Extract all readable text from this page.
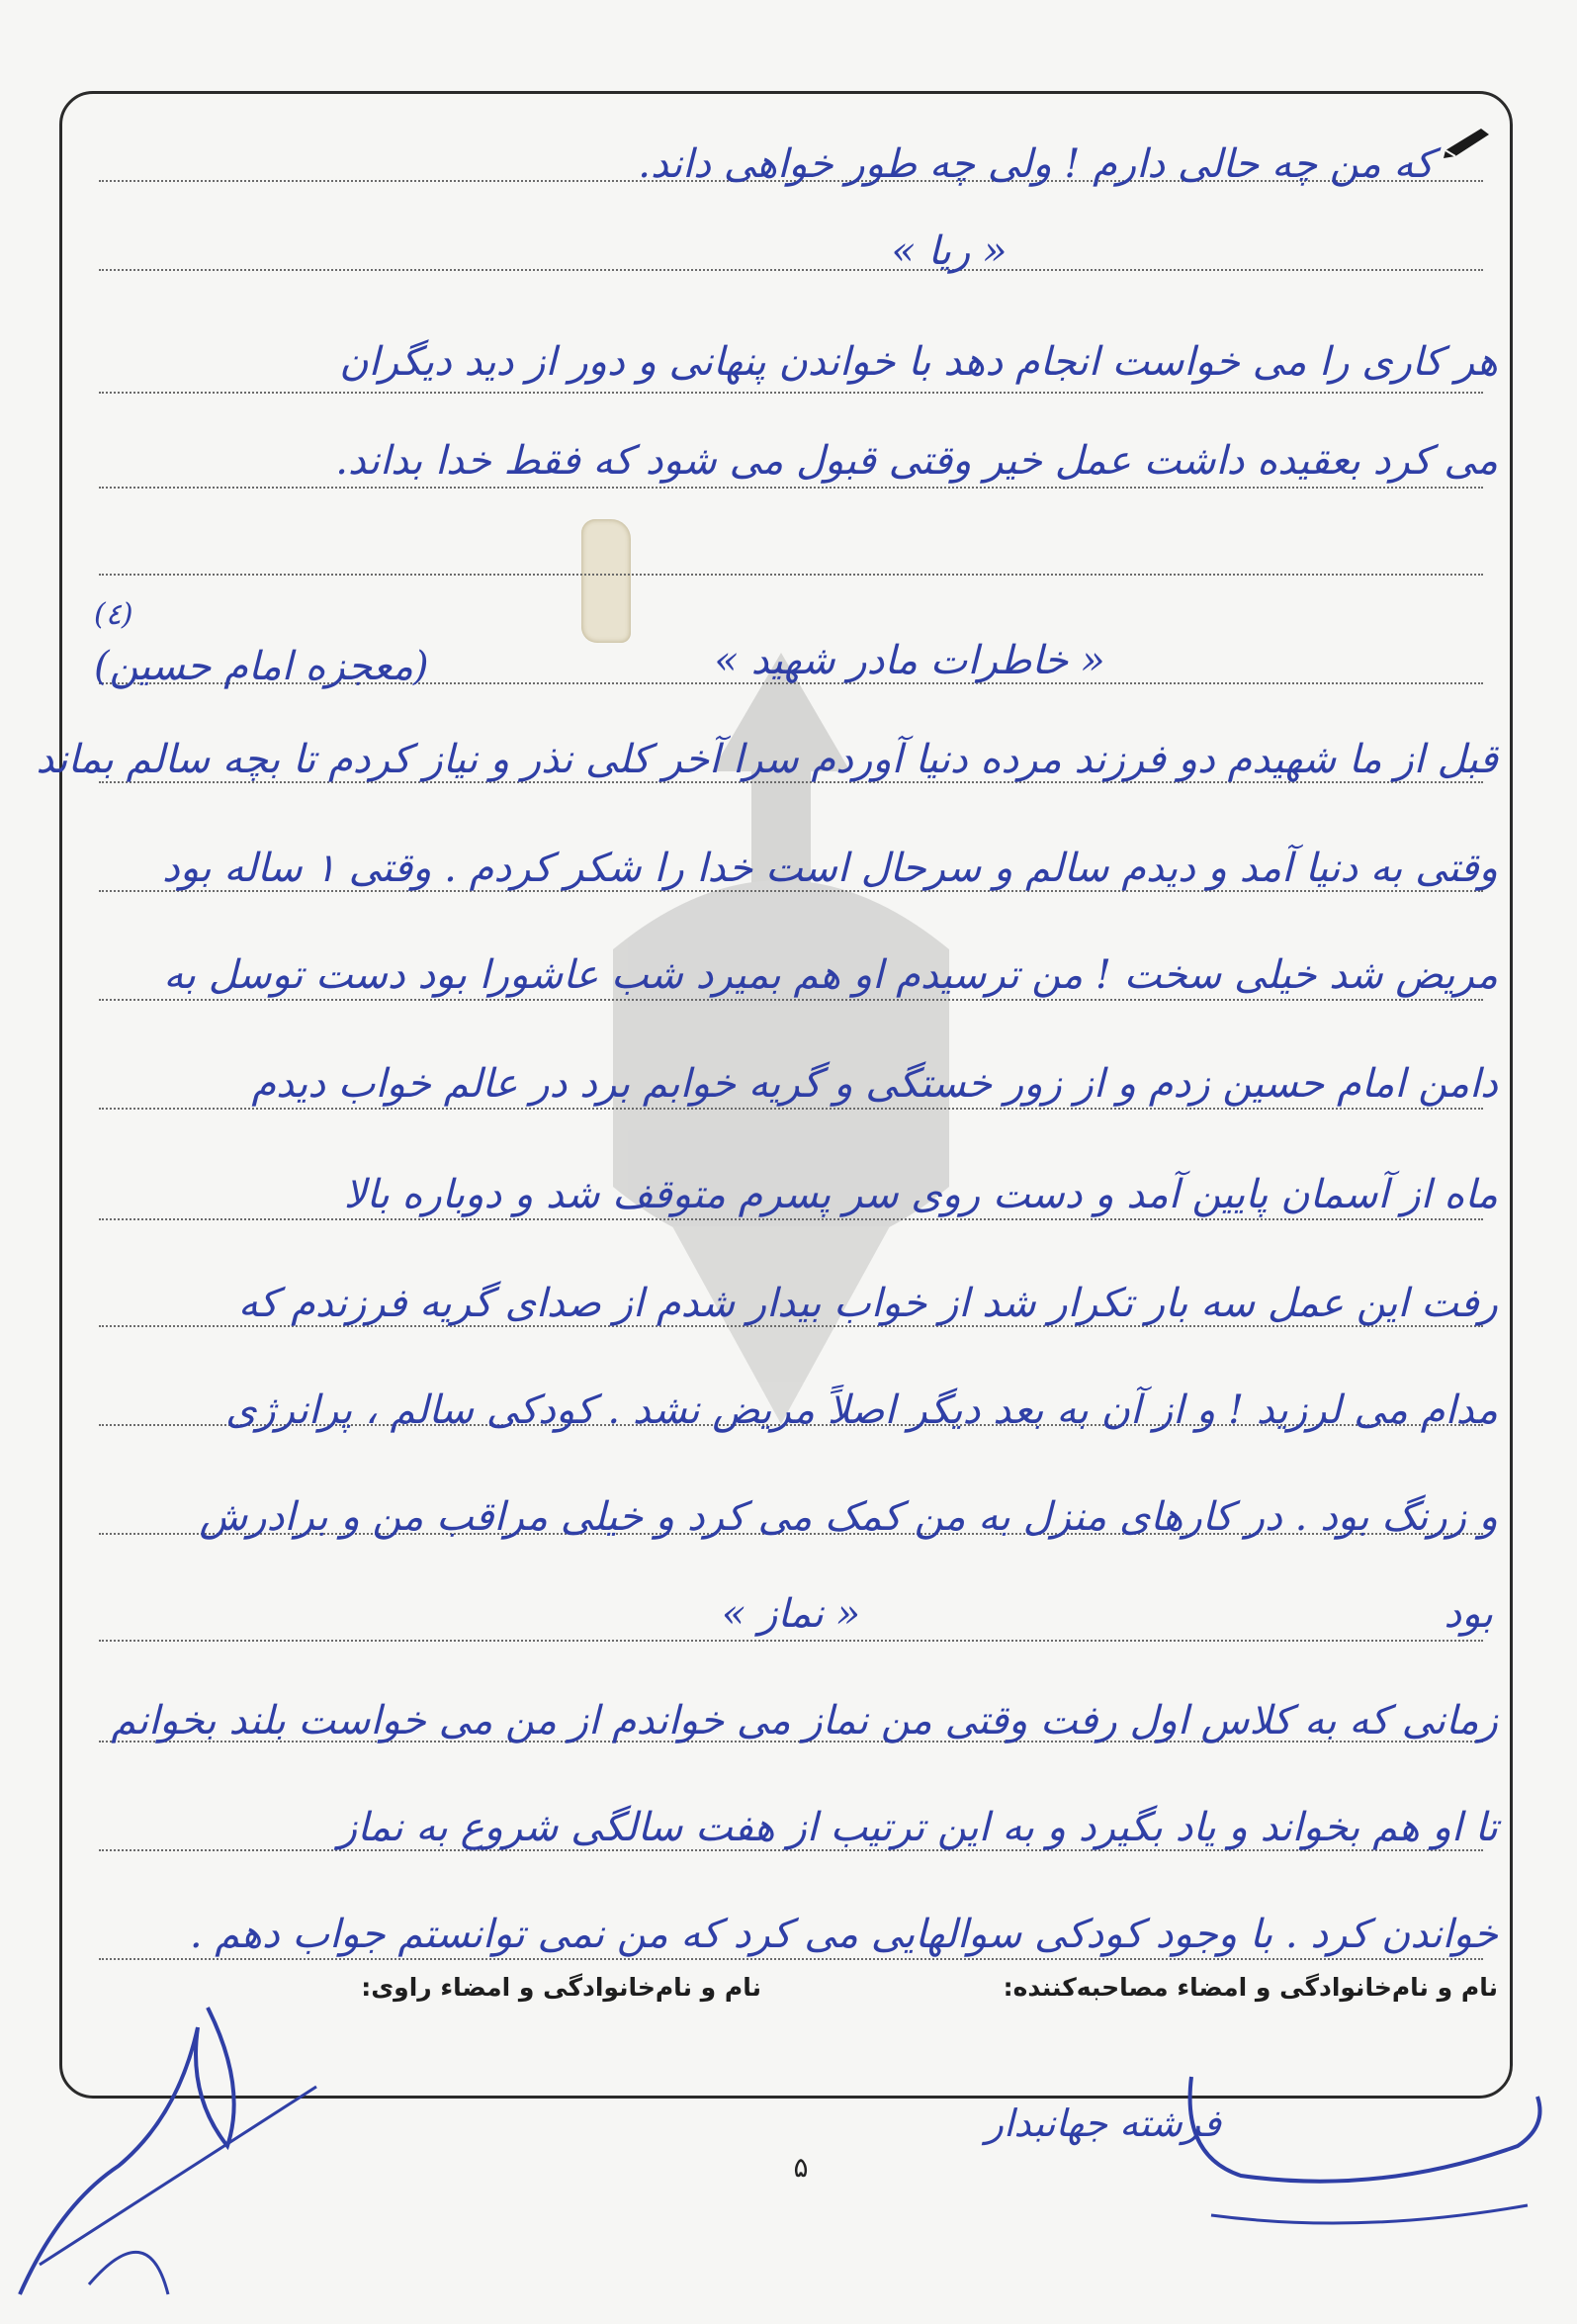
که من چه حالی دارم ! ولی چه طور خواهی داند.
« ریا »
هر کاری را می خواست انجام دهد با خواندن پنهانی و دور از دید دیگران
می کرد بعقیده داشت عمل خیر وقتی قبول می شود که فقط خدا بداند.
(٤)
(معجزه امام حسین)	« خاطرات مادر شهید »
قبل از ما شهیدم دو فرزند مرده دنیا آوردم سرا آخر کلی نذر و نیاز کردم تا بچه سالم بماند
وقتی به دنیا آمد و دیدم سالم و سرحال است خدا را شکر کردم . وقتی ۱ ساله بود
مریض شد خیلی سخت ! من ترسیدم او هم بمیرد شب عاشورا بود دست توسل به
دامن امام حسین زدم و از زور خستگی و گریه خوابم برد در عالم خواب دیدم
ماه از آسمان پایین آمد و دست روی سر پسرم متوقف شد و دوباره بالا
رفت این عمل سه بار تکرار شد از خواب بیدار شدم از صدای گریه فرزندم که
مدام می لرزید ! و از آن به بعد دیگر اصلاً مریض نشد . کودکی سالم ، پرانرژی
و زرنگ بود . در کارهای منزل به من کمک می کرد و خیلی مراقب من و برادرش
بود
« نماز »
زمانی که به کلاس اول رفت وقتی من نماز می خواندم از من می خواست بلند بخوانم
تا او هم بخواند و یاد بگیرد و به این ترتیب از هفت سالگی شروع به نماز
خواندن کرد . با وجود کودکی سوالهایی می کرد که من نمی توانستم جواب دهم .
نام و نام‌خانوادگی و امضاء مصاحبه‌کننده:
نام و نام‌خانوادگی و امضاء راوی:
۵
فرشته جهانبدار
